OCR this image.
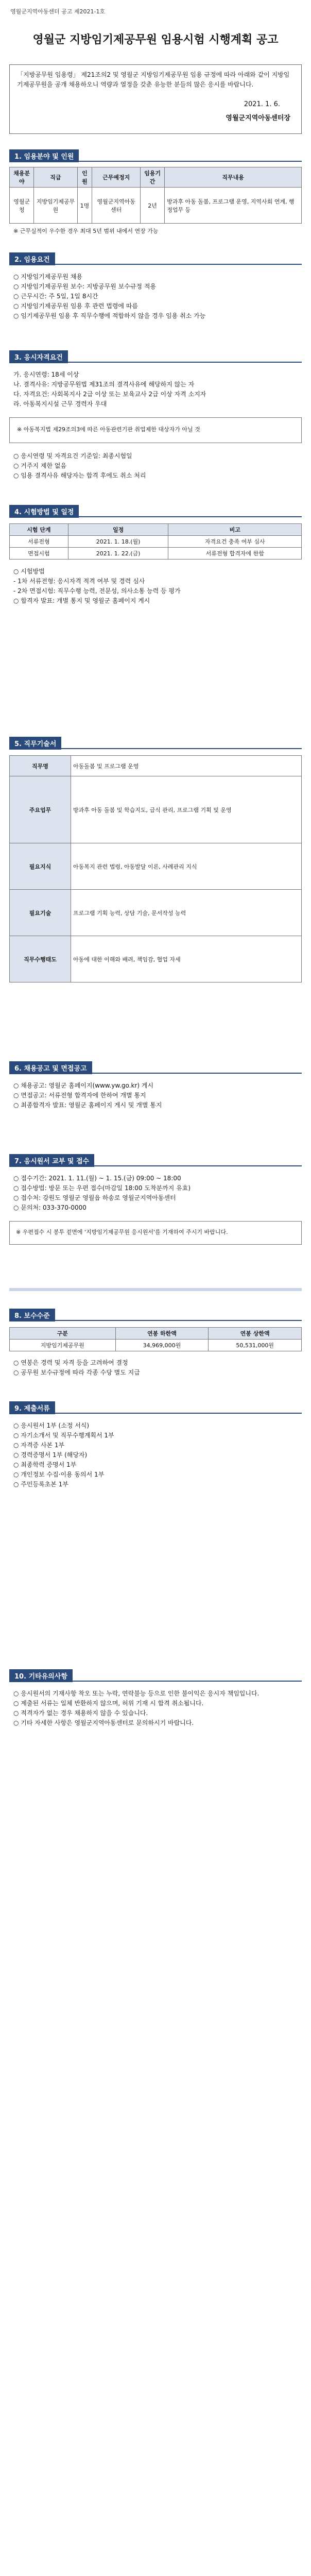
영월군지역아동센터 공고 제2021-1호
영월군 지방임기제공무원 임용시험 시행계획 공고
「지방공무원 임용령」 제21조의2 및 영월군 지방임기제공무원 임용 규정에 따라 아래와 같이 지방임기제공무원을 공개 채용하오니 역량과 열정을 갖춘 유능한 분들의 많은 응시를 바랍니다.
2021. 1. 6.
영월군지역아동센터장
1. 임용분야 및 인원
채용분야	직급	인원	근무예정지	임용기간	직무내용
영월군청	지방임기제공무원	1명	영월군지역아동센터	2년	방과후 아동 돌봄, 프로그램 운영, 지역사회 연계, 행정업무 등
※ 근무실적이 우수한 경우 최대 5년 범위 내에서 연장 가능
2. 임용요건
○ 지방임기제공무원 채용
○ 지방임기제공무원 보수: 지방공무원 보수규정 적용
○ 근무시간: 주 5일, 1일 8시간
○ 지방임기제공무원 임용 후 관련 법령에 따름
○ 임기제공무원 임용 후 직무수행에 적합하지 않을 경우 임용 취소 가능
3. 응시자격요건
가. 응시연령: 18세 이상
나. 결격사유: 지방공무원법 제31조의 결격사유에 해당하지 않는 자
다. 자격요건: 사회복지사 2급 이상 또는 보육교사 2급 이상 자격 소지자
라. 아동복지시설 근무 경력자 우대
※ 아동복지법 제29조의3에 따른 아동관련기관 취업제한 대상자가 아닐 것
○ 응시연령 및 자격요건 기준일: 최종시험일
○ 거주지 제한 없음
○ 임용 결격사유 해당자는 합격 후에도 취소 처리
4. 시험방법 및 일정
시험 단계	일정	비고
서류전형	2021. 1. 18.(월)	자격요건 충족 여부 심사
면접시험	2021. 1. 22.(금)	서류전형 합격자에 한함
○ 시험방법
- 1차 서류전형: 응시자격 적격 여부 및 경력 심사
- 2차 면접시험: 직무수행 능력, 전문성, 의사소통 능력 등 평가
○ 합격자 발표: 개별 통지 및 영월군 홈페이지 게시
5. 직무기술서
직무명	아동돌봄 및 프로그램 운영
주요업무	방과후 아동 돌봄 및 학습지도, 급식 관리, 프로그램 기획 및 운영
필요지식	아동복지 관련 법령, 아동발달 이론, 사례관리 지식
필요기술	프로그램 기획 능력, 상담 기술, 문서작성 능력
직무수행태도	아동에 대한 이해와 배려, 책임감, 협업 자세
6. 채용공고 및 면접공고
○ 채용공고: 영월군 홈페이지(www.yw.go.kr) 게시
○ 면접공고: 서류전형 합격자에 한하여 개별 통지
○ 최종합격자 발표: 영월군 홈페이지 게시 및 개별 통지
7. 응시원서 교부 및 접수
○ 접수기간: 2021. 1. 11.(월) ~ 1. 15.(금) 09:00 ~ 18:00
○ 접수방법: 방문 또는 우편 접수(마감일 18:00 도착분까지 유효)
○ 접수처: 강원도 영월군 영월읍 하송로 영월군지역아동센터
○ 문의처: 033-370-0000
※ 우편접수 시 봉투 겉면에 '지방임기제공무원 응시원서'를 기재하여 주시기 바랍니다.
8. 보수수준
구분	연봉 하한액	연봉 상한액
지방임기제공무원	34,969,000원	50,531,000원
○ 연봉은 경력 및 자격 등을 고려하여 결정
○ 공무원 보수규정에 따라 각종 수당 별도 지급
9. 제출서류
○ 응시원서 1부 (소정 서식)
○ 자기소개서 및 직무수행계획서 1부
○ 자격증 사본 1부
○ 경력증명서 1부 (해당자)
○ 최종학력 증명서 1부
○ 개인정보 수집·이용 동의서 1부
○ 주민등록초본 1부
10. 기타유의사항
○ 응시원서의 기재사항 착오 또는 누락, 연락불능 등으로 인한 불이익은 응시자 책임입니다.
○ 제출된 서류는 일체 반환하지 않으며, 허위 기재 시 합격 취소됩니다.
○ 적격자가 없는 경우 채용하지 않을 수 있습니다.
○ 기타 자세한 사항은 영월군지역아동센터로 문의하시기 바랍니다.
